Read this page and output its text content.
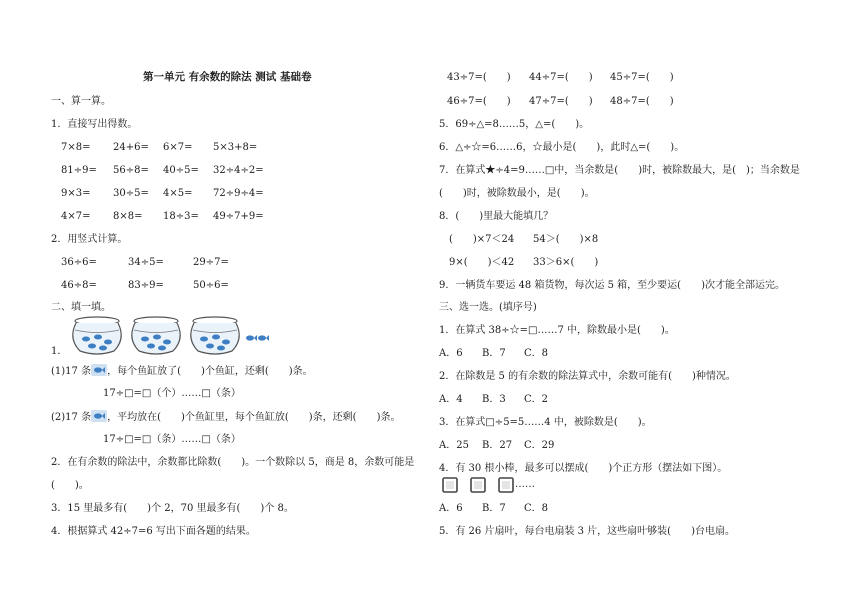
第一单元 有余数的除法 测试 基础卷
一、算一算。
1．直接写出得数。
7×8= 24+6= 6×7= 5×3+8=
81÷9= 56÷8= 40÷5= 32÷4÷2=
9×3= 30÷5= 4×5= 72÷9÷4=
4×7= 8×8= 18÷3= 49÷7+9=
2．用竖式计算。
36÷6=	34÷5=	29÷7=
46÷8=	83÷9=	50÷6=
二、填一填。
1．
(1)17 条 ，每个鱼缸放了(　　)个鱼缸，还剩(　　)条。
17÷□=□（个）……□（条）
(2)17 条 ，平均放在(　　)个鱼缸里，每个鱼缸放(　　)条，还剩(　　)条。
17÷□=□（条）……□（条）
2．在有余数的除法中，余数都比除数(　　)。一个数除以 5，商是 8，余数可能是
(　　)。
3．15 里最多有(　　)个 2，70 里最多有(　　)个 8。
4．根据算式 42÷7=6 写出下面各题的结果。
43÷7=(　　) 44÷7=(　　) 45÷7=(　　)
46÷7=(　　) 47÷7=(　　) 48÷7=(　　)
5．69÷△=8……5，△=(　　)。
6．△÷☆=6……6，☆最小是(　　)，此时△=(　　)。
7．在算式★÷4=9……□中，当余数是(　　)时，被除数最大，是(　)；当余数是
(　　)时，被除数最小，是(　　)。
8．(　　)里最大能填几？
(　　)×7＜24 54＞(　　)×8
9×(　　)＜42 33＞6×(　　)
9．一辆货车要运 48 箱货物，每次运 5 箱，至少要运(　　)次才能全部运完。
三、选一选。(填序号)
1．在算式 38÷☆=□……7 中，除数最小是(　　)。
A．6 B．7 C．8
2．在除数是 5 的有余数的除法算式中，余数可能有(　　)种情况。
A．4 B．3 C．2
3．在算式□÷5=5……4 中，被除数是(　　)。
A．25 B．27 C．29
4．有 30 根小棒，最多可以摆成(　　)个正方形（摆法如下图）。
……
A．6 B．7 C．8
5．有 26 片扇叶，每台电扇装 3 片，这些扇叶够装(　　)台电扇。
